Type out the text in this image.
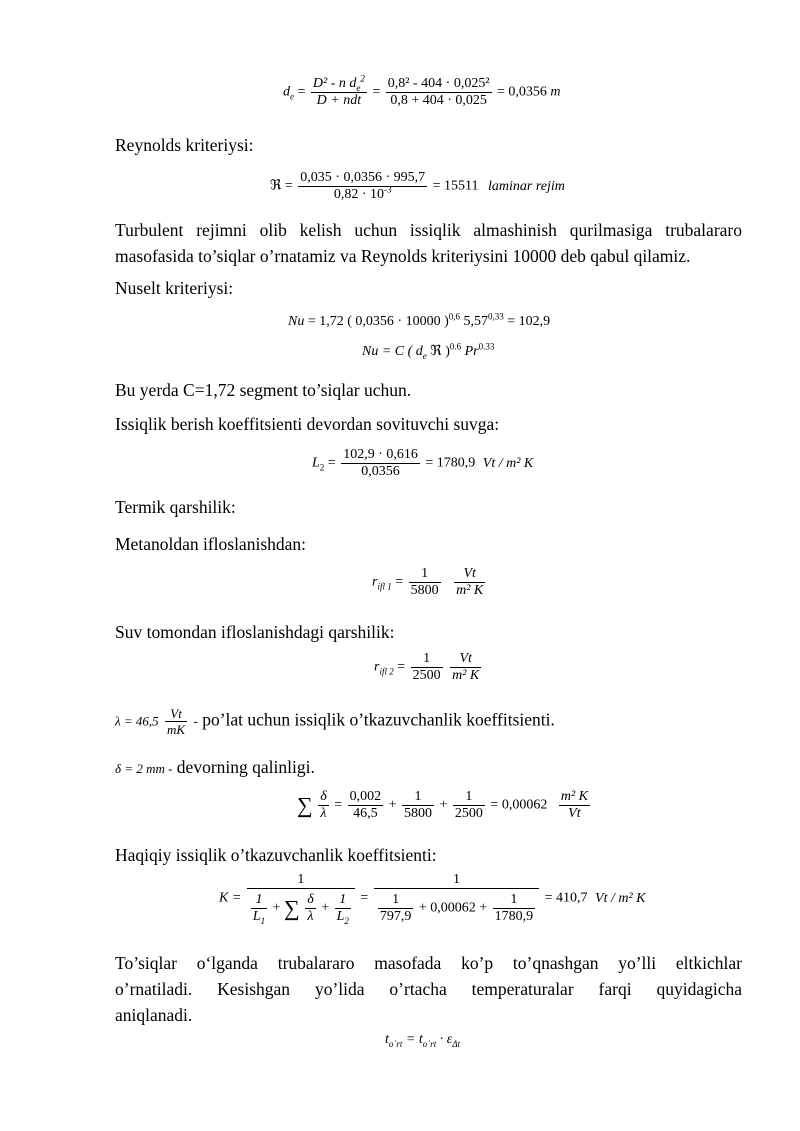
$d_e = \frac{D^2 - n d_e^2}{\text{D + ndt}} = \frac{\text{0,8² - 404 · 0,025²}}{0,8 + 404 \cdot 0,025} = 0,0356$ m

Reynolds kriteriysi:

ℜ = $\frac{0,035 \cdot 0,0356 \cdot 995,7}{0,82 \cdot 10^{-3}} = 15511$ laminar rejim

Turbulent rejimni olib kelish uchun issiqlik almashinish qurilmasiga trubalararo

masofasida to’siqlar o’rnatamiz va Reynolds kriteriysini 10000 deb qabul qilamiz.

Nuselt kriteriysi:

Nu = 1,72 ( 0,0356 · 10000 )$^{0,6}$ $5,57^{0,33} = 102,9$
Nu = C ( $d_e$ ℜ )$^{0.6}$ $Pr^{0.33}$

Bu yerda C=1,72 segment to’siqlar uchun.

Issiqlik berish koeffitsienti devordan sovituvchi suvga:

$L_2 = \frac{102,9 \cdot 0,616}{0,0356} = 1780,9$ Vt / m² K

Termik qarshilik:

Metanoldan ifloslanishdan:

$r_{ifl 1} = \frac{1}{5800}$
$\frac{Vt}{\text{m² K}}$

Suv tomondan ifloslanishdagi qarshilik:

$r_{ifl 2} = \frac{1}{2500}$
$\frac{Vt}{\text{m² K}}$
$\lambda = 46,5 \frac{Vt}{mK}$ - po’lat uchun issiqlik o’tkazuvchanlik koeffitsienti.
δ = 2 mm - devorning qalinligi.
∑ $\frac{\delta}{\lambda} = \frac{0,002}{46,5} + \frac{1}{5800} + \frac{1}{2500} = 0,00062 \frac{\text{m² K}}{Vt}$

Haqiqiy issiqlik o’tkazuvchanlik koeffitsienti:

$K = \frac{1}{\frac{1}{L_1} + \sum \frac{\delta}{\lambda} + \frac{1}{L_2}} = \frac{1}{\frac{1}{797,9} + 0,00062 + \frac{1}{1780,9}} = 410,7$ Vt / m² K

To’siqlar o‘lganda trubalararo masofada ko’p to’qnashgan yo’lli eltkichlar

o’rnatiladi. Kesishgan yo’lida o’rtacha temperaturalar farqi quyidagicha

aniqlanadi.

$t_{o`rt} = t_{o`rt} \cdot \varepsilon_{\Delta t}$
